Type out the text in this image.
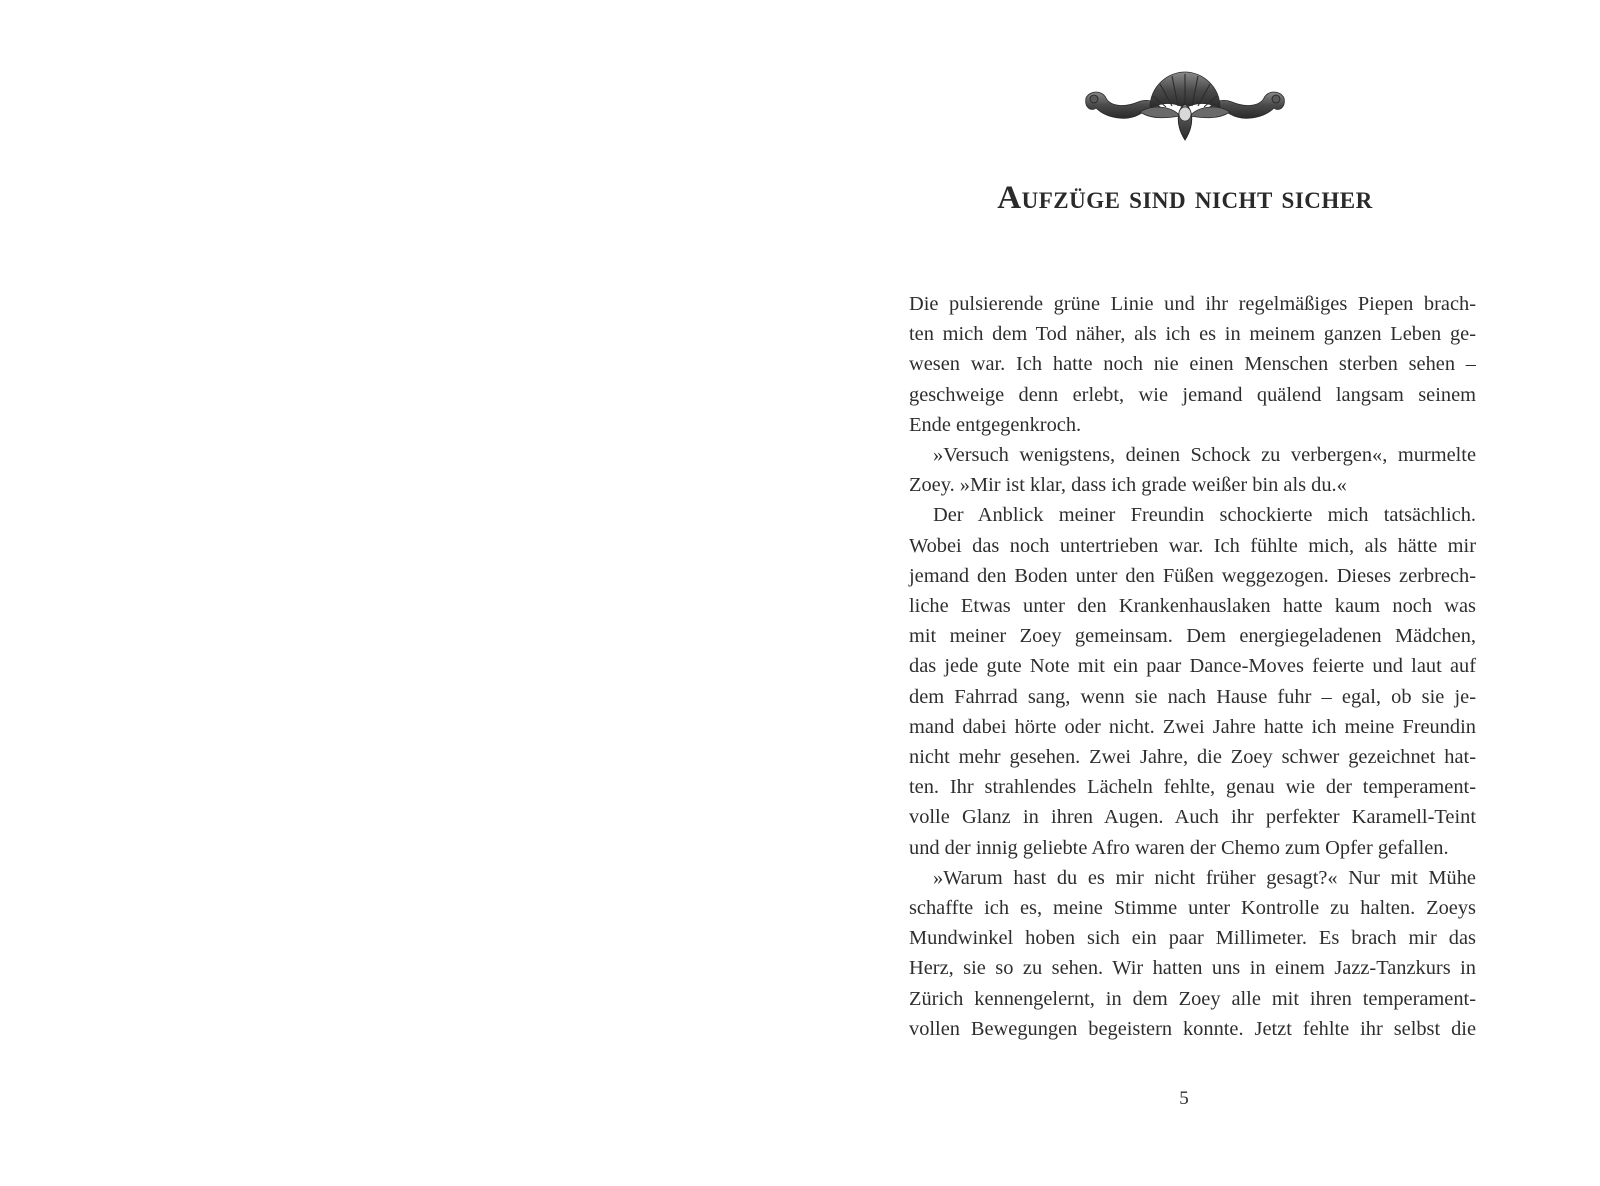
Aufzüge sind nicht sicher
Die pulsierende grüne Linie und ihr regelmäßiges Piepen brach-
ten mich dem Tod näher, als ich es in meinem ganzen Leben ge-
wesen war. Ich hatte noch nie einen Menschen sterben sehen –
geschweige denn erlebt, wie jemand quälend langsam seinem
Ende entgegenkroch.
»Versuch wenigstens, deinen Schock zu verbergen«, murmelte
Zoey. »Mir ist klar, dass ich grade weißer bin als du.«
Der Anblick meiner Freundin schockierte mich tatsächlich.
Wobei das noch untertrieben war. Ich fühlte mich, als hätte mir
jemand den Boden unter den Füßen weggezogen. Dieses zerbrech-
liche Etwas unter den Krankenhauslaken hatte kaum noch was
mit meiner Zoey gemeinsam. Dem energiegeladenen Mädchen,
das jede gute Note mit ein paar Dance-Moves feierte und laut auf
dem Fahrrad sang, wenn sie nach Hause fuhr – egal, ob sie je-
mand dabei hörte oder nicht. Zwei Jahre hatte ich meine Freundin
nicht mehr gesehen. Zwei Jahre, die Zoey schwer gezeichnet hat-
ten. Ihr strahlendes Lächeln fehlte, genau wie der temperament-
volle Glanz in ihren Augen. Auch ihr perfekter Karamell-Teint
und der innig geliebte Afro waren der Chemo zum Opfer gefallen.
»Warum hast du es mir nicht früher gesagt?« Nur mit Mühe
schaffte ich es, meine Stimme unter Kontrolle zu halten. Zoeys
Mundwinkel hoben sich ein paar Millimeter. Es brach mir das
Herz, sie so zu sehen. Wir hatten uns in einem Jazz-Tanzkurs in
Zürich kennengelernt, in dem Zoey alle mit ihren temperament-
vollen Bewegungen begeistern konnte. Jetzt fehlte ihr selbst die
5
